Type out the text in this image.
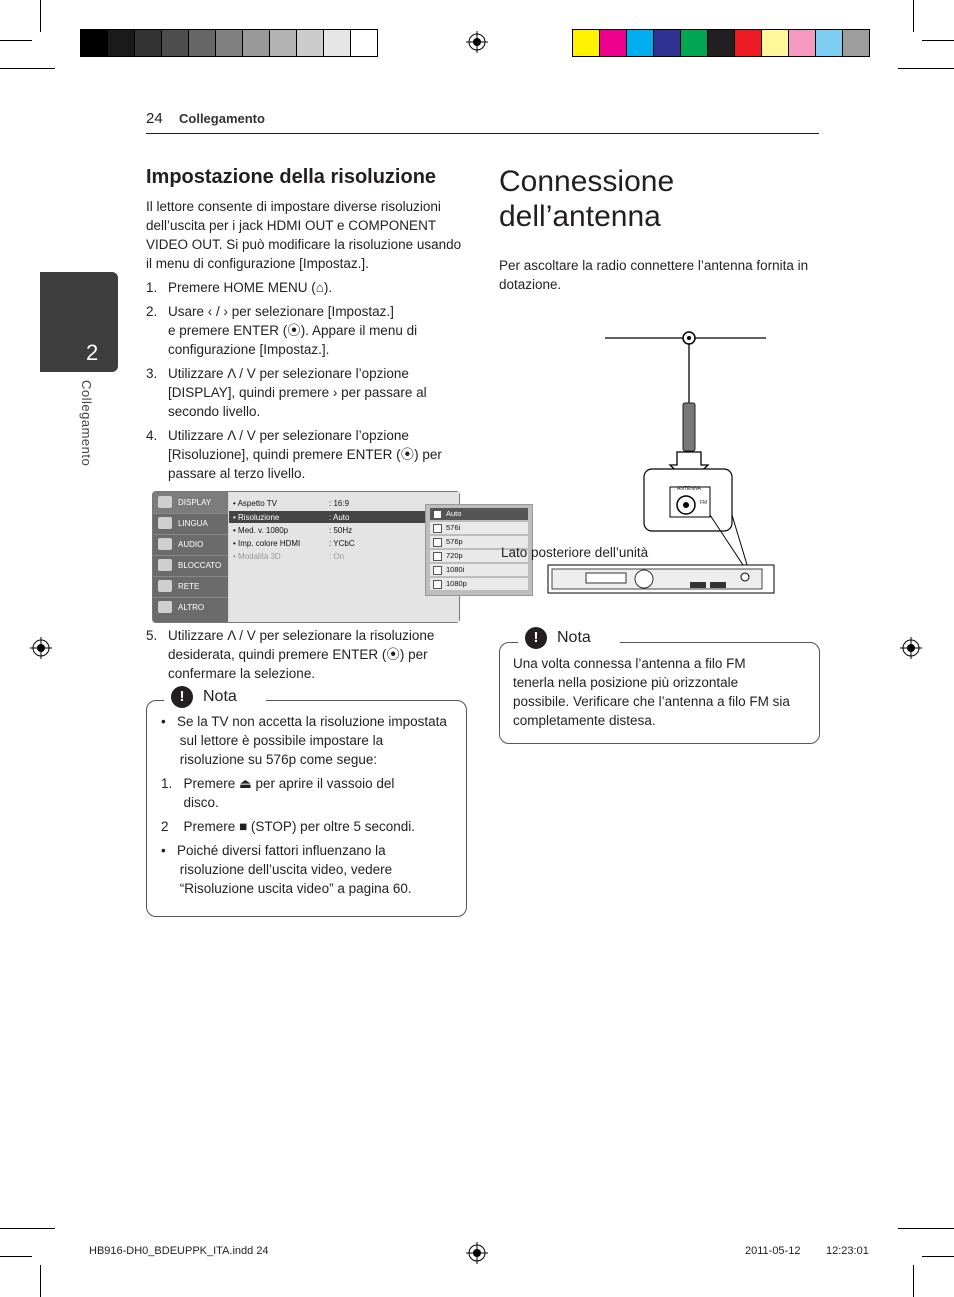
24 Collegamento
2
Collegamento
Impostazione della risoluzione
Il lettore consente di impostare diverse risoluzioni dell’uscita per i jack HDMI OUT e COMPONENT VIDEO OUT. Si può modificare la risoluzione usando il menu di configurazione [Impostaz.].
1. Premere HOME MENU (⌂).
2. Usare ‹ / › per selezionare [Impostaz.]
e premere ENTER (⦿). Appare il menu di
configurazione [Impostaz.].
3. Utilizzare Λ / V per selezionare l’opzione
[DISPLAY], quindi premere › per passare al
secondo livello.
4. Utilizzare Λ / V per selezionare l’opzione
[Risoluzione], quindi premere ENTER (⦿) per
passare al terzo livello.
DISPLAY
LINGUA
AUDIO
BLOCCATO
RETE
ALTRO
• Aspetto TV	: 16:9
• Risoluzione	: Auto
• Med. v. 1080p	: 50Hz
• Imp. colore HDMI	: YCbC
• Modalità 3D	: On
Auto
576i
576p
720p
1080i
1080p
5. Utilizzare Λ / V per selezionare la risoluzione
desiderata, quindi premere ENTER (⦿) per
confermare la selezione.
!	Nota
•   Se la TV non accetta la risoluzione impostata
sul lettore è possibile impostare la
risoluzione su 576p come segue:
1.   Premere ⏏ per aprire il vassoio del
disco.
2    Premere ■ (STOP) per oltre 5 secondi.
•   Poiché diversi fattori influenzano la
risoluzione dell’uscita video, vedere
“Risoluzione uscita video” a pagina 60.
Connessione
dell’antenna
Per ascoltare la radio connettere l’antenna fornita in dotazione.
ANTENNA
FM
Lato posteriore dell’unità
!	Nota
Una volta connessa l’antenna a filo FM
tenerla nella posizione più orizzontale
possibile. Verificare che l’antenna a filo FM sia
completamente distesa.
HB916-DH0_BDEUPPK_ITA.indd 24	2011-05-12 12:23:01
